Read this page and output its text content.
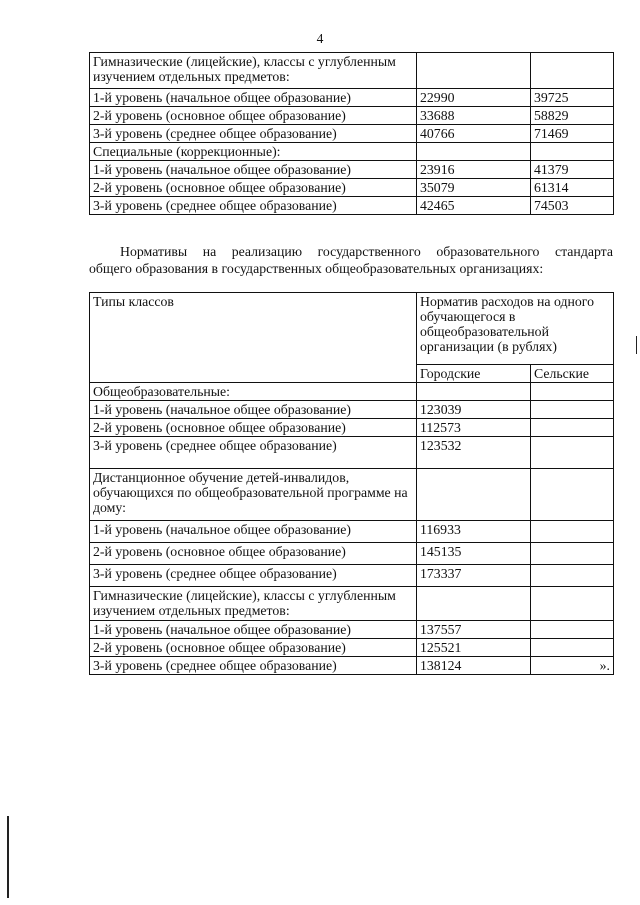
4
Гимназические (лицейские), классы с углубленным изучением отдельных предметов:		
1-й уровень (начальное общее образование)	22990	39725
2-й уровень (основное общее образование)	33688	58829
3-й уровень (среднее общее образование)	40766	71469
Специальные (коррекционные):		
1-й уровень (начальное общее образование)	23916	41379
2-й уровень (основное общее образование)	35079	61314
3-й уровень (среднее общее образование)	42465	74503
Нормативы на реализацию государственного образовательного стандарта
общего образования в государственных общеобразовательных организациях:
Типы классов	Норматив расходов на одного обучающегося в общеобразовательной организации (в рублях)	
	Городские	Сельские
Общеобразовательные:		
1-й уровень (начальное общее образование)	123039	
2-й уровень (основное общее образование)	112573	
3-й уровень (среднее общее образование)	123532	
Дистанционное обучение детей-инвалидов, обучающихся по общеобразовательной программе на дому:		
1-й уровень (начальное общее образование)	116933	
2-й уровень (основное общее образование)	145135	
3-й уровень (среднее общее образование)	173337	
Гимназические (лицейские), классы с углубленным изучением отдельных предметов:		
1-й уровень (начальное общее образование)	137557	
2-й уровень (основное общее образование)	125521	
3-й уровень (среднее общее образование)	138124	».
